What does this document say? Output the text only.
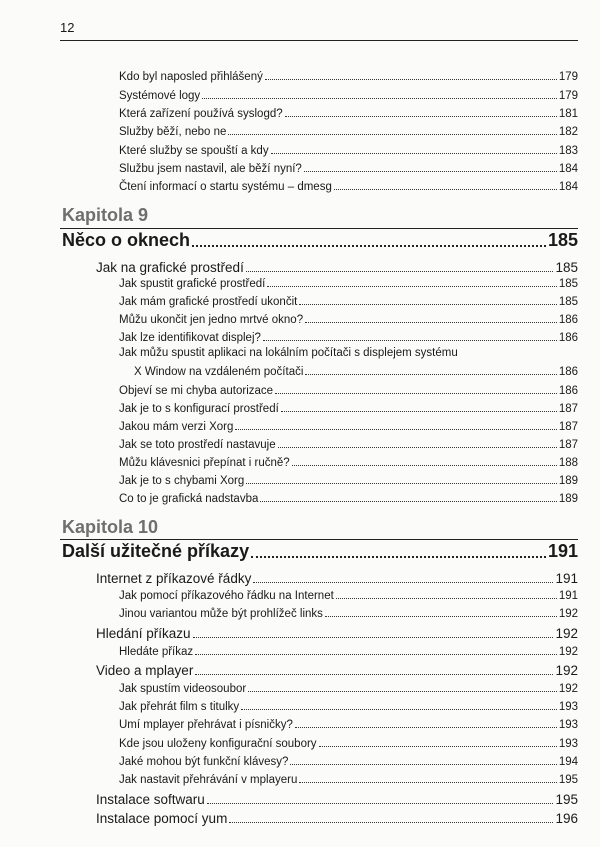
12
Kdo byl naposled přihlášený	179
Systémové logy	179
Která zařízení používá syslogd?	181
Služby běží, nebo ne	182
Které služby se spouští a kdy	183
Službu jsem nastavil, ale běží nyní?	184
Čtení informací o startu systému – dmesg	184
Kapitola 9
Něco o oknech	185
Jak na grafické prostředí	185
Jak spustit grafické prostředí	185
Jak mám grafické prostředí ukončit	185
Můžu ukončit jen jedno mrtvé okno?	186
Jak lze identifikovat displej?	186
Jak můžu spustit aplikaci na lokálním počítači s displejem systému
X Window na vzdáleném počítači	186
Objeví se mi chyba autorizace	186
Jak je to s konfigurací prostředí	187
Jakou mám verzi Xorg	187
Jak se toto prostředí nastavuje	187
Můžu klávesnici přepínat i ručně?	188
Jak je to s chybami Xorg	189
Co to je grafická nadstavba	189
Kapitola 10
Další užitečné příkazy	191
Internet z příkazové řádky	191
Jak pomocí příkazového řádku na Internet	191
Jinou variantou může být prohlížeč links	192
Hledání příkazu	192
Hledáte příkaz	192
Video a mplayer	192
Jak spustím videosoubor	192
Jak přehrát film s titulky	193
Umí mplayer přehrávat i písničky?	193
Kde jsou uloženy konfigurační soubory	193
Jaké mohou být funkční klávesy?	194
Jak nastavit přehrávání v mplayeru	195
Instalace softwaru	195
Instalace pomocí yum	196
